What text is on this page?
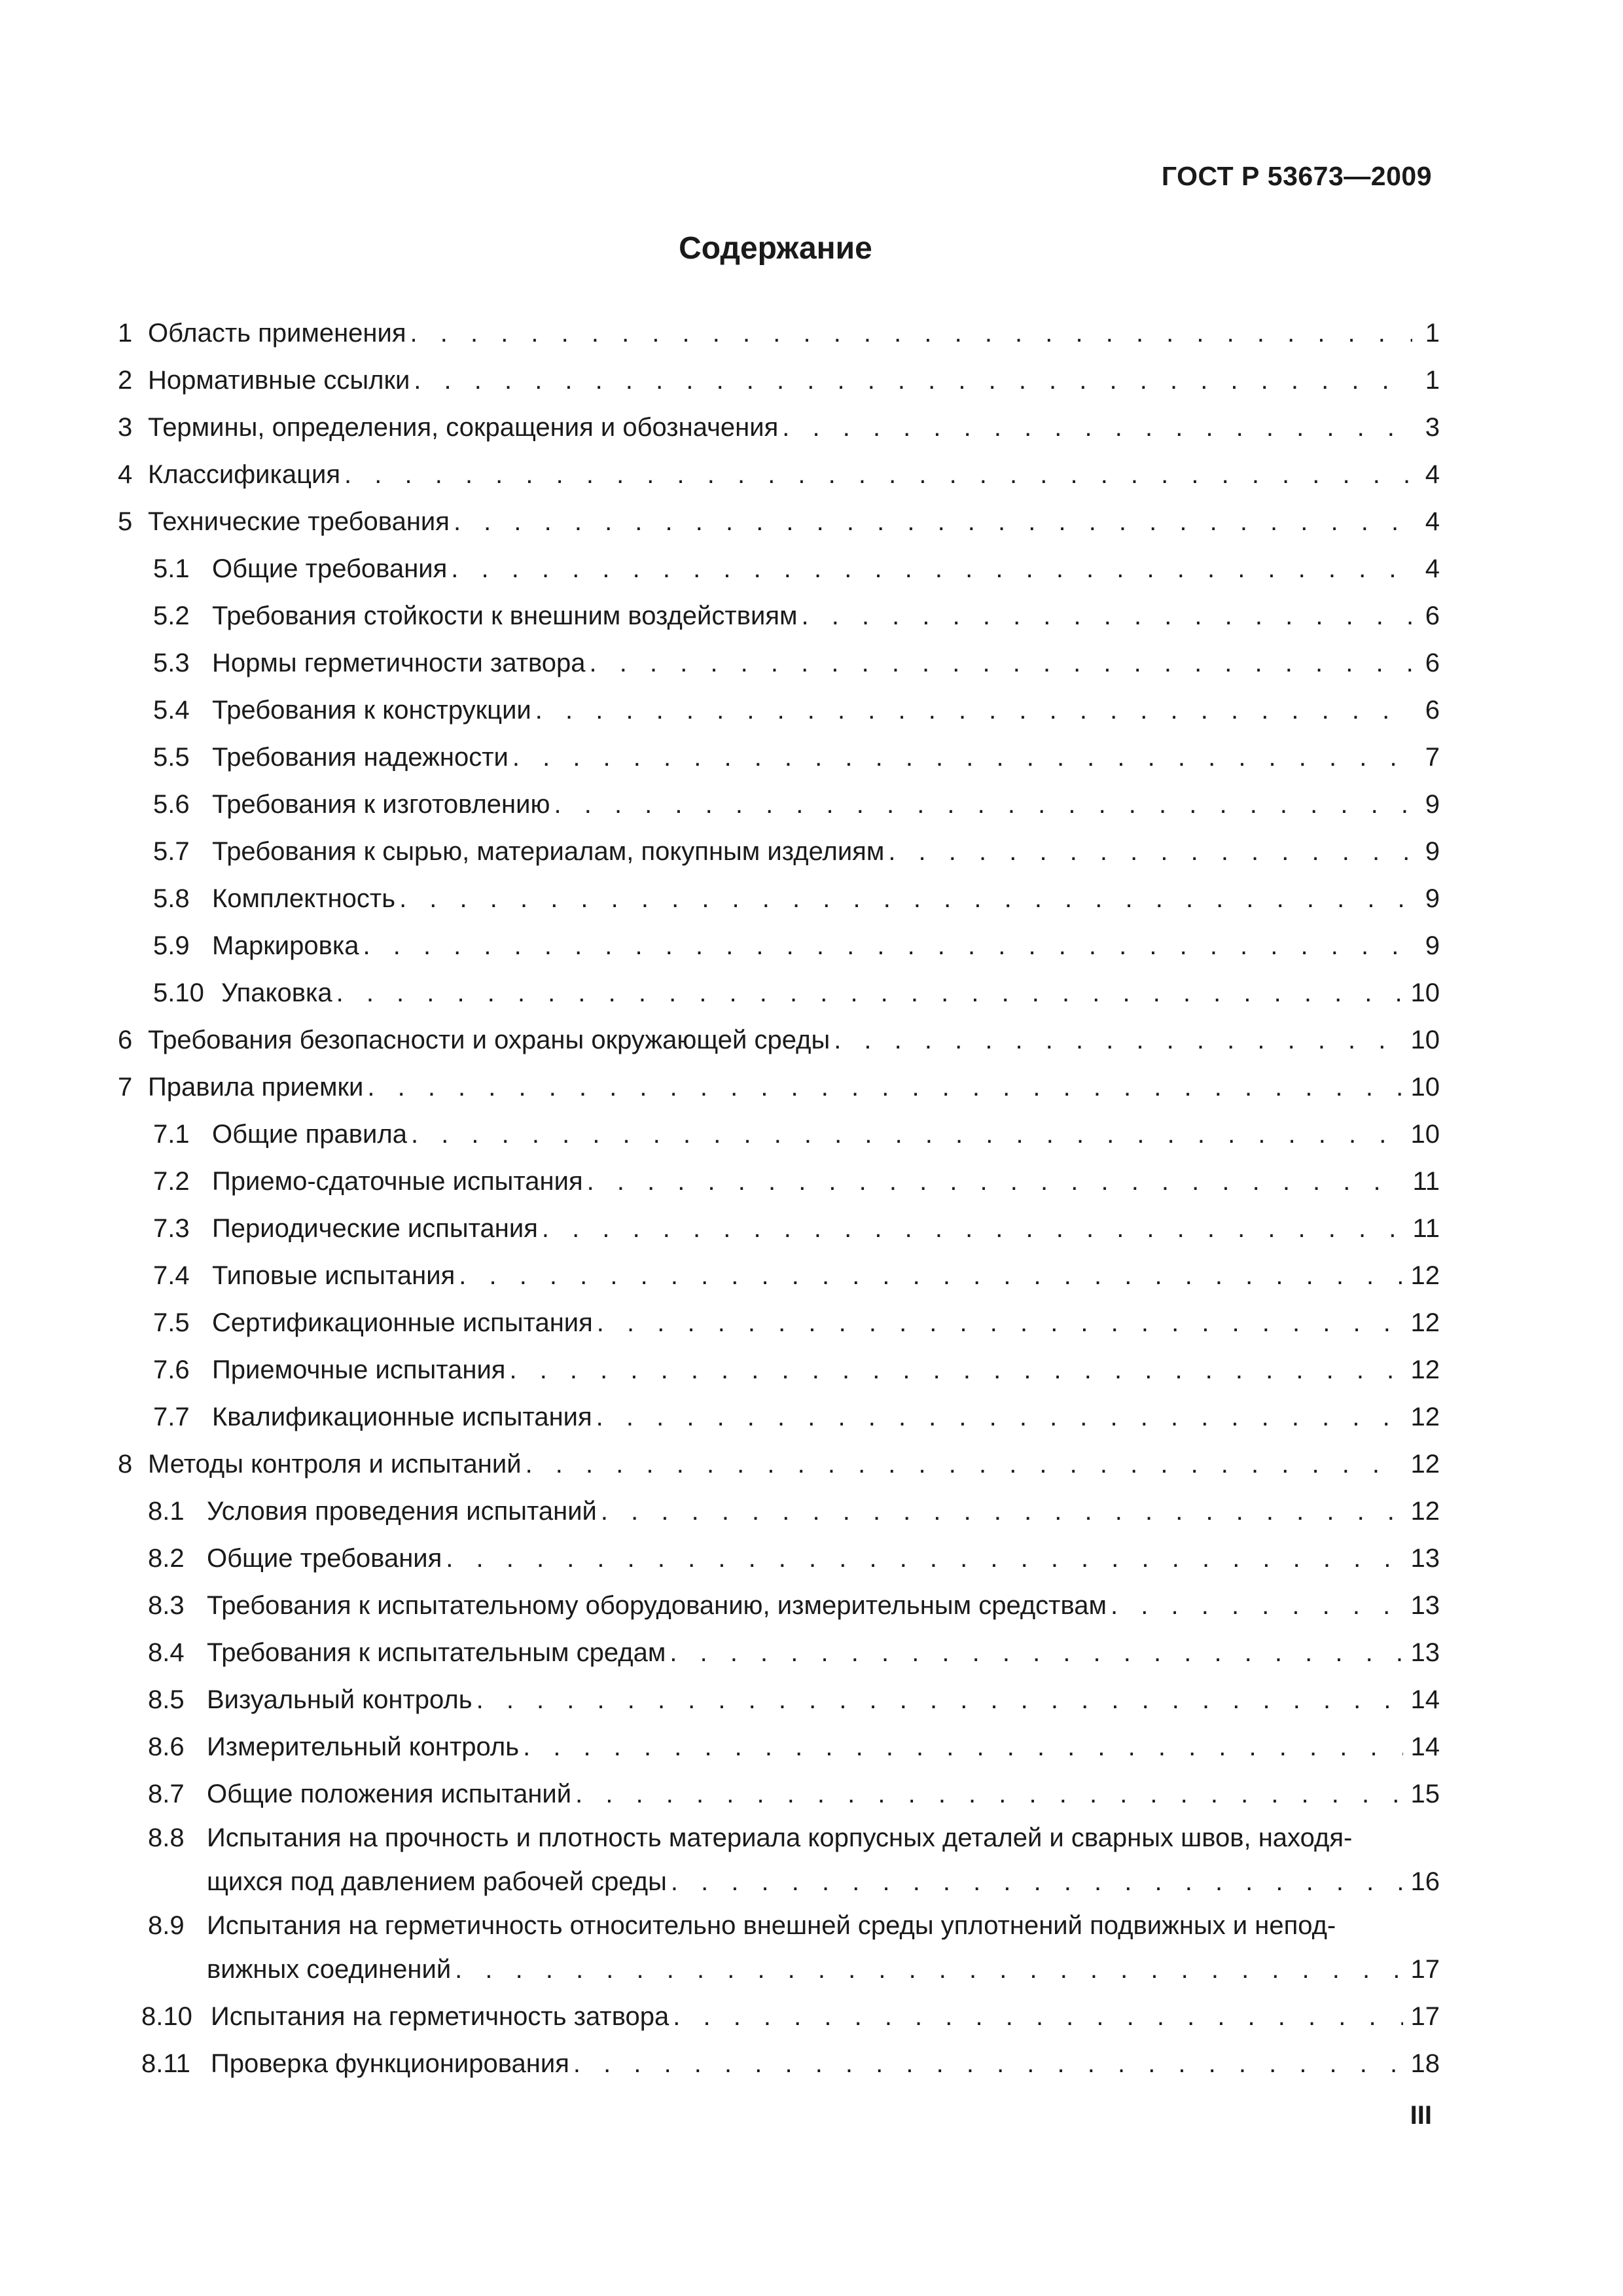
ГОСТ Р 53673—2009
Содержание
1 Область применения . . .	1
2 Нормативные ссылки . . .	1
3 Термины, определения, сокращения и обозначения . . .	3
4 Классификация . . .	4
5 Технические требования . . .	4
5.1 Общие требования . . .	4
5.2 Требования стойкости к внешним воздействиям . . .	6
5.3 Нормы герметичности затвора . . .	6
5.4 Требования к конструкции . . .	6
5.5 Требования надежности . . .	7
5.6 Требования к изготовлению . . .	9
5.7 Требования к сырью, материалам, покупным изделиям . . .	9
5.8 Комплектность . . .	9
5.9 Маркировка . . .	9
5.10 Упаковка . . .	10
6 Требования безопасности и охраны окружающей среды . . .	10
7 Правила приемки . . .	10
7.1 Общие правила . . .	10
7.2 Приемо-сдаточные испытания . . .	11
7.3 Периодические испытания . . .	11
7.4 Типовые испытания . . .	12
7.5 Сертификационные испытания . . .	12
7.6 Приемочные испытания . . .	12
7.7 Квалификационные испытания . . .	12
8 Методы контроля и испытаний . . .	12
8.1 Условия проведения испытаний . . .	12
8.2 Общие требования . . .	13
8.3 Требования к испытательному оборудованию, измерительным средствам . . .	13
8.4 Требования к испытательным средам . . .	13
8.5 Визуальный контроль . . .	14
8.6 Измерительный контроль . . .	14
8.7 Общие положения испытаний . . .	15
8.8 Испытания на прочность и плотность материала корпусных деталей и сварных швов, находя-
щихся под давлением рабочей среды . . .	16
8.9 Испытания на герметичность относительно внешней среды уплотнений подвижных и непод-
вижных соединений . . .	17
8.10 Испытания на герметичность затвора . . .	17
8.11 Проверка функционирования . . .	18
III
